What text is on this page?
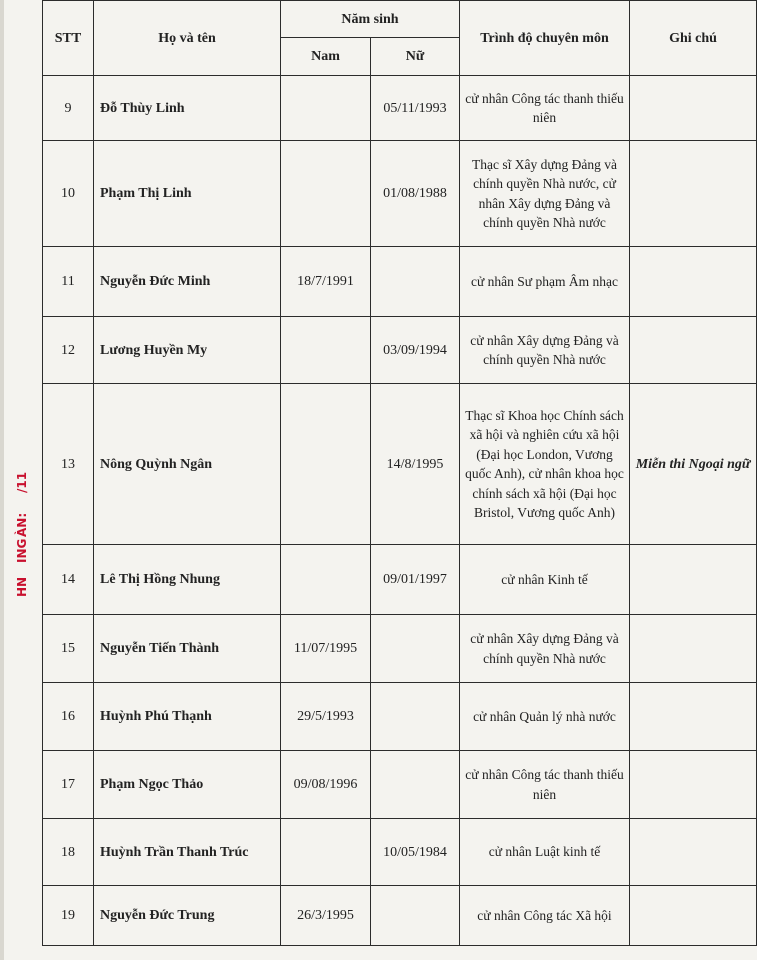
/11
ÀN:
ING
HN
STT	Họ và tên	Năm sinh		Trình độ chuyên môn	Ghi chú
		Nam	Nữ		
9	Đỗ Thùy Linh		05/11/1993	cử nhân Công tác thanh thiếu niên	
10	Phạm Thị Linh		01/08/1988	Thạc sĩ Xây dựng Đảng và chính quyền Nhà nước, cử nhân Xây dựng Đảng và chính quyền Nhà nước	
11	Nguyễn Đức Minh	18/7/1991		cử nhân Sư phạm Âm nhạc	
12	Lương Huyền My		03/09/1994	cử nhân Xây dựng Đảng và chính quyền Nhà nước	
13	Nông Quỳnh Ngân		14/8/1995	Thạc sĩ Khoa học Chính sách xã hội và nghiên cứu xã hội (Đại học London, Vương quốc Anh), cử nhân khoa học chính sách xã hội (Đại học Bristol, Vương quốc Anh)	Miễn thi Ngoại ngữ
14	Lê Thị Hồng Nhung		09/01/1997	cử nhân Kinh tế	
15	Nguyễn Tiến Thành	11/07/1995		cử nhân Xây dựng Đảng và chính quyền Nhà nước	
16	Huỳnh Phú Thạnh	29/5/1993		cử nhân Quản lý nhà nước	
17	Phạm Ngọc Thảo	09/08/1996		cử nhân Công tác thanh thiếu niên	
18	Huỳnh Trần Thanh Trúc		10/05/1984	cử nhân Luật kinh tế	
19	Nguyễn Đức Trung	26/3/1995		cử nhân Công tác Xã hội	
